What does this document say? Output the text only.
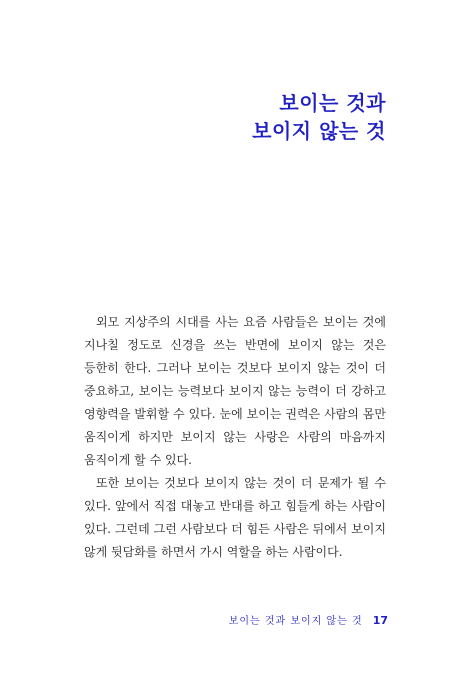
보이는 것과
보이지 않는 것

외모 지상주의 시대를 사는 요즘 사람들은 보이는 것에 지나칠 정도로 신경을 쓰는 반면에 보이지 않는 것은 등한히 한다. 그러나 보이는 것보다 보이지 않는 것이 더 중요하고, 보이는 능력보다 보이지 않는 능력이 더 강하고 영향력을 발휘할 수 있다. 눈에 보이는 권력은 사람의 몸만 움직이게 하지만 보이지 않는 사랑은 사람의 마음까지 움직이게 할 수 있다.

또한 보이는 것보다 보이지 않는 것이 더 문제가 될 수 있다. 앞에서 직접 대놓고 반대를 하고 힘들게 하는 사람이 있다. 그런데 그런 사람보다 더 힘든 사람은 뒤에서 보이지 않게 뒷담화를 하면서 가시 역할을 하는 사람이다.

보이는 것과 보이지 않는 것 17
